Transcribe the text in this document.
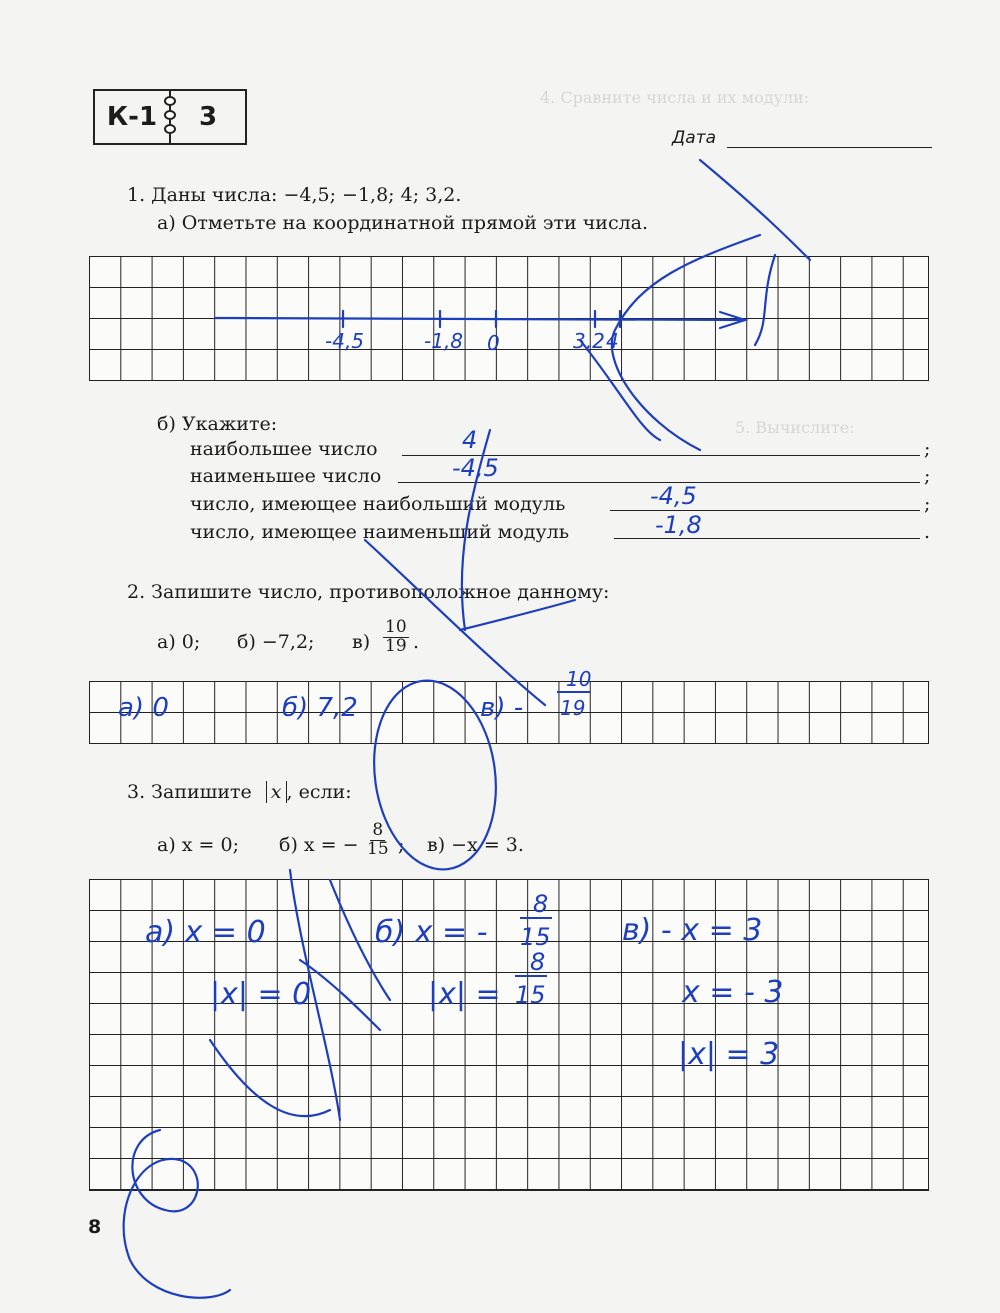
4. Сравните числа и их модули:
5. Вычислите:
К-1	3
Дата
1. Даны числа: −4,5; −1,8; 4; 3,2.
а) Отметьте на координатной прямой эти числа.
б) Укажите:
наибольшее число	;
наименьшее число	;
число, имеющее наибольший модуль	;
число, имеющее наименьший модуль	.
2. Запишите число, противоположное данному:
а) 0; б) −7,2; $в) \frac{10}{19}$ .
3. Запишите x , если:
а) x = 0; б) x = − $\frac{8}{15}$ ; в) −x = 3.
8
-4,5	-1,8 0	3,2 4
4
-4,5
-4,5
-1,8
а) 0	б) 7,2	в) -
10
19
а) x = 0
|x| = 0
б) x = -
8
15
|x| =
8
15
в) - x = 3
x = - 3
|x| = 3
